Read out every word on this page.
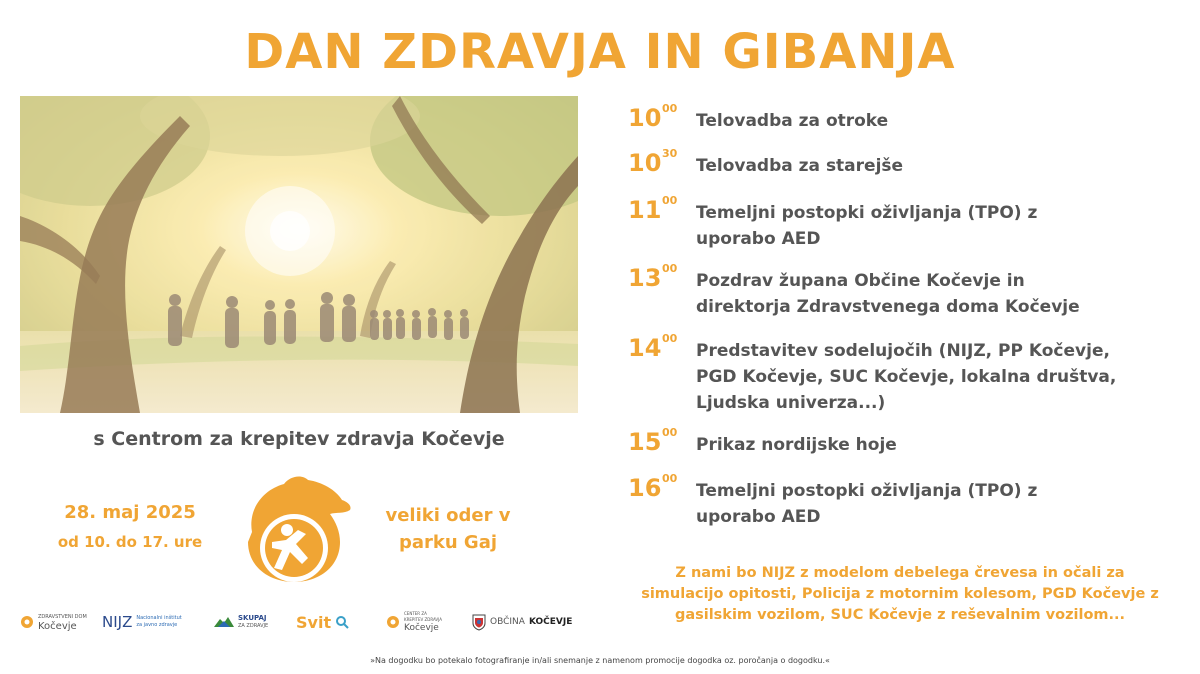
DAN ZDRAVJA IN GIBANJA
s Centrom za krepitev zdravja Kočevje
28. maj 2025
od 10. do 17. ure
veliki oder v
parku Gaj
10 00
Telovadba za otroke
10 30
Telovadba za starejše
11 00
Temeljni postopki oživljanja (TPO) z
uporabo AED
13 00
Pozdrav župana Občine Kočevje in
direktorja Zdravstvenega doma Kočevje
14 00
Predstavitev sodelujočih (NIJZ, PP Kočevje,
PGD Kočevje, SUC Kočevje, lokalna društva,
Ljudska univerza...)
15 00
Prikaz nordijske hoje
16 00
Temeljni postopki oživljanja (TPO) z
uporabo AED
Z nami bo NIJZ z modelom debelega črevesa in očali za
simulacijo opitosti, Policija z motornim kolesom, PGD Kočevje z
gasilskim vozilom, SUC Kočevje z reševalnim vozilom...
ZDRAVSTVENI DOM
Kočevje	NIJZ Nacionalni inštitut
za javno zdravje
SKUPAJ
ZA ZDRAVJE Svit	CENTER ZA
KREPITEV ZDRAVJA
Kočevje
OBČINA KOČEVJE
»Na dogodku bo potekalo fotografiranje in/ali snemanje z namenom promocije dogodka oz. poročanja o dogodku.«
